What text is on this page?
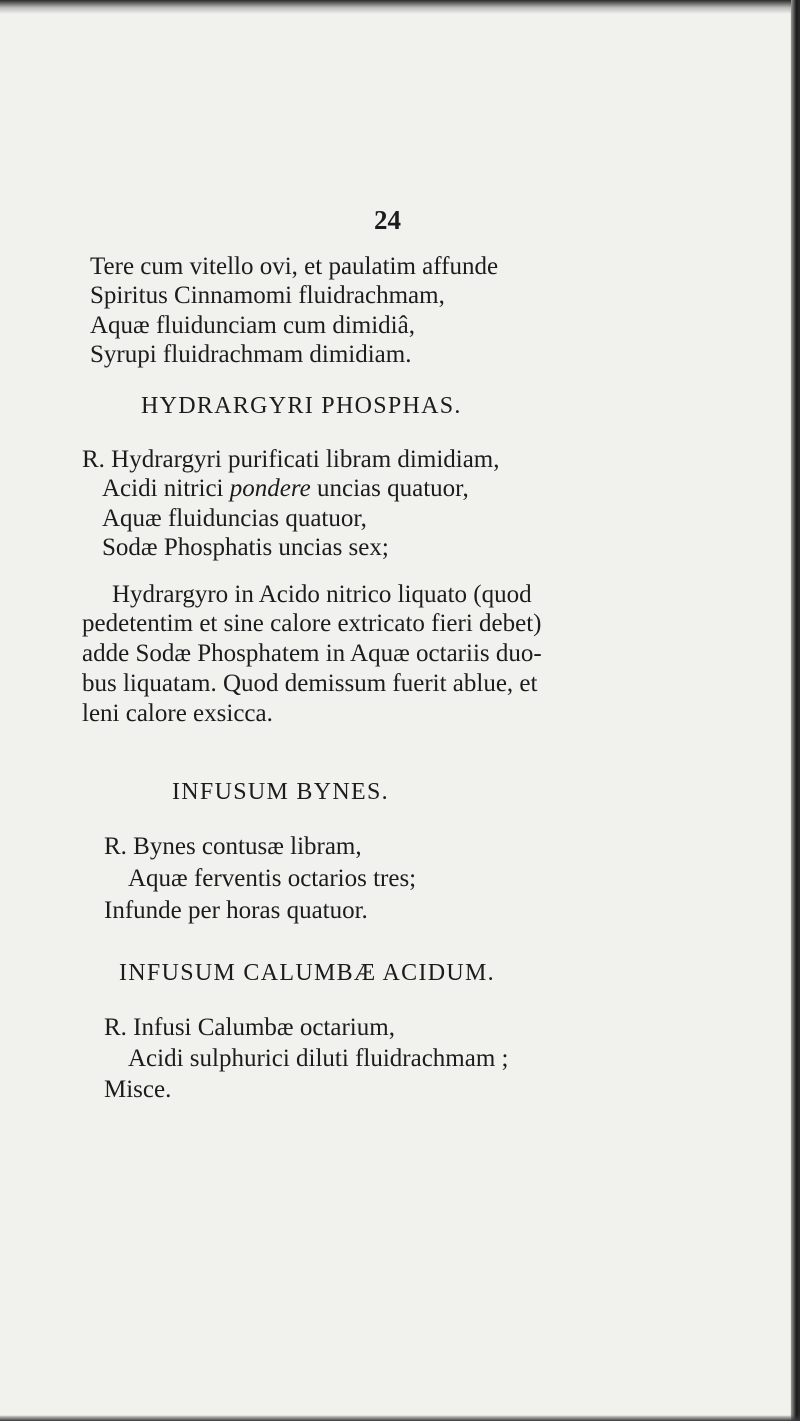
24
Tere cum vitello ovi, et paulatim affunde
Spiritus Cinnamomi fluidrachmam,
Aquæ fluidunciam cum dimidiâ,
Syrupi fluidrachmam dimidiam.
HYDRARGYRI PHOSPHAS.
R. Hydrargyri purificati libram dimidiam,
Acidi nitrici pondere uncias quatuor,
Aquæ fluiduncias quatuor,
Sodæ Phosphatis uncias sex;
Hydrargyro in Acido nitrico liquato (quod
pedetentim et sine calore extricato fieri debet)
adde Sodæ Phosphatem in Aquæ octariis duo-
bus liquatam. Quod demissum fuerit ablue, et
leni calore exsicca.
INFUSUM BYNES.
R. Bynes contusæ libram,
Aquæ ferventis octarios tres;
Infunde per horas quatuor.
INFUSUM CALUMBÆ ACIDUM.
R. Infusi Calumbæ octarium,
Acidi sulphurici diluti fluidrachmam ;
Misce.
